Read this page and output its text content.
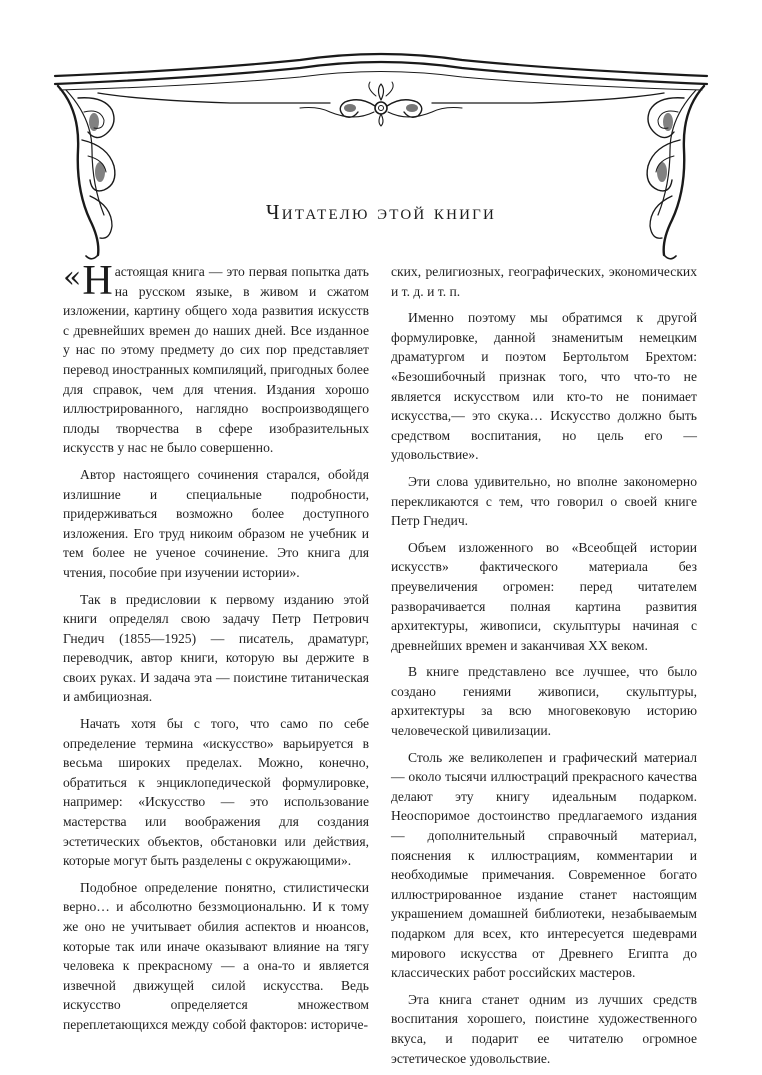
Читателю этой книги

« Н астоящая книга — это первая попытка дать на русском языке, в живом и сжатом изложении, картину общего хода развития искусств с древнейших времен до наших дней. Все изданное у нас по этому предмету до сих пор представляет перевод иностранных компиляций, пригодных более для справок, чем для чтения. Издания хорошо иллюстрированного, наглядно воспроизводящего плоды творчества в сфере изобразительных искусств у нас не было совершенно.

Автор настоящего сочинения старался, обойдя излишние и специальные подробности, придерживаться возможно более доступного изложения. Его труд никоим образом не учебник и тем более не ученое сочинение. Это книга для чтения, пособие при изучении истории».

Так в предисловии к первому изданию этой книги определял свою задачу Петр Петрович Гнедич (1855—1925) — писатель, драматург, переводчик, автор книги, которую вы держите в своих руках. И задача эта — поистине титаническая и амбициозная.

Начать хотя бы с того, что само по себе определение термина «искусство» варьируется в весьма широких пределах. Можно, конечно, обратиться к энциклопедической формулировке, например: «Искусство — это использование мастерства или воображения для создания эстетических объектов, обстановки или действия, которые могут быть разделены с окружающими».

Подобное определение понятно, стилистически верно… и абсолютно беззмоциональню. И к тому же оно не учитывает обилия аспектов и нюансов, которые так или иначе оказывают влияние на тягу человека к прекрасному — а она-то и является извечной движущей силой искусства. Ведь искусство определяется множеством переплетающихся между собой факторов: историче-

ских, религиозных, географических, экономических и т. д. и т. п.

Именно поэтому мы обратимся к другой формулировке, данной знаменитым немецким драматургом и поэтом Бертольтом Брехтом: «Безошибочный признак того, что что-то не является искусством или кто-то не понимает искусства,— это скука… Искусство должно быть средством воспитания, но цель его — удовольствие».

Эти слова удивительно, но вполне закономерно перекликаются с тем, что говорил о своей книге Петр Гнедич.

Объем изложенного во «Всеобщей истории искусств» фактического материала без преувеличения огромен: перед читателем разворачивается полная картина развития архитектуры, живописи, скульптуры начиная с древнейших времен и заканчивая XX веком.

В книге представлено все лучшее, что было создано гениями живописи, скульптуры, архитектуры за всю многовековую историю человеческой цивилизации.

Столь же великолепен и графический материал — около тысячи иллюстраций прекрасного качества делают эту книгу идеальным подарком. Неоспоримое достоинство предлагаемого издания — дополнительный справочный материал, пояснения к иллюстрациям, комментарии и необходимые примечания. Современное богато иллюстрированное издание станет настоящим украшением домашней библиотеки, незабываемым подарком для всех, кто интересуется шедеврами мирового искусства от Древнего Египта до классических работ российских мастеров.

Эта книга станет одним из лучших средств воспитания хорошего, поистине художественного вкуса, и подарит ее читателю огромное эстетическое удовольствие.
